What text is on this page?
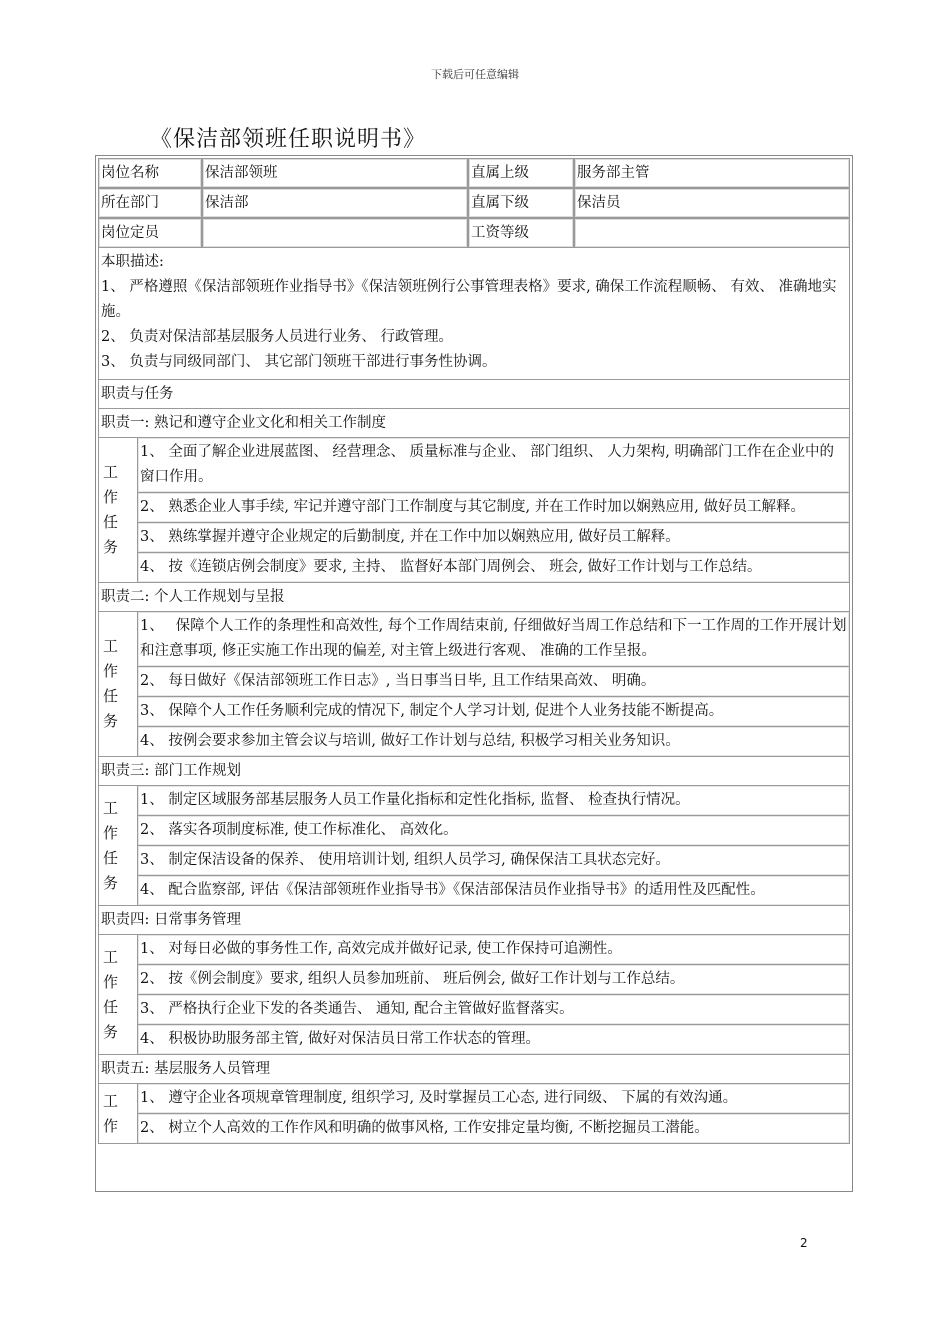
下载后可任意编辑
《保洁部领班任职说明书》
岗位名称	保洁部领班	直属上级	服务部主管
所在部门	保洁部	直属下级	保洁员
岗位定员		工资等级	
本职描述:
1、 严格遵照《保洁部领班作业指导书》《保洁领班例行公事管理表格》要求, 确保工作流程顺畅、 有效、 准确地实施。
2、 负责对保洁部基层服务人员进行业务、 行政管理。
3、 负责与同级同部门、 其它部门领班干部进行事务性协调。
职责与任务
职责一: 熟记和遵守企业文化和相关工作制度
工
作
任
务
1、 全面了解企业进展蓝图、 经营理念、 质量标准与企业、 部门组织、 人力架构, 明确部门工作在企业中的窗口作用。
2、 熟悉企业人事手续, 牢记并遵守部门工作制度与其它制度, 并在工作时加以娴熟应用, 做好员工解释。
3、 熟练掌握并遵守企业规定的后勤制度, 并在工作中加以娴熟应用, 做好员工解释。
4、 按《连锁店例会制度》要求, 主持、 监督好本部门周例会、 班会, 做好工作计划与工作总结。
职责二: 个人工作规划与呈报
工
作
任
务
1、　 保障个人工作的条理性和高效性, 每个工作周结束前, 仔细做好当周工作总结和下一工作周的工作开展计划和注意事项, 修正实施工作出现的偏差, 对主管上级进行客观、 准确的工作呈报。
2、 每日做好《保洁部领班工作日志》, 当日事当日毕, 且工作结果高效、 明确。
3、 保障个人工作任务顺利完成的情况下, 制定个人学习计划, 促进个人业务技能不断提高。
4、 按例会要求参加主管会议与培训, 做好工作计划与总结, 积极学习相关业务知识。
职责三: 部门工作规划
工
作
任
务
1、 制定区域服务部基层服务人员工作量化指标和定性化指标, 监督、 检查执行情况。
2、 落实各项制度标准, 使工作标准化、 高效化。
3、 制定保洁设备的保养、 使用培训计划, 组织人员学习, 确保保洁工具状态完好。
4、 配合监察部, 评估《保洁部领班作业指导书》《保洁部保洁员作业指导书》的适用性及匹配性。
职责四: 日常事务管理
工
作
任
务
1、 对每日必做的事务性工作, 高效完成并做好记录, 使工作保持可追溯性。
2、 按《例会制度》要求, 组织人员参加班前、 班后例会, 做好工作计划与工作总结。
3、 严格执行企业下发的各类通告、 通知, 配合主管做好监督落实。
4、 积极协助服务部主管, 做好对保洁员日常工作状态的管理。
职责五: 基层服务人员管理
工
作
1、 遵守企业各项规章管理制度, 组织学习, 及时掌握员工心态, 进行同级、 下属的有效沟通。
2、 树立个人高效的工作作风和明确的做事风格, 工作安排定量均衡, 不断挖掘员工潜能。
2
